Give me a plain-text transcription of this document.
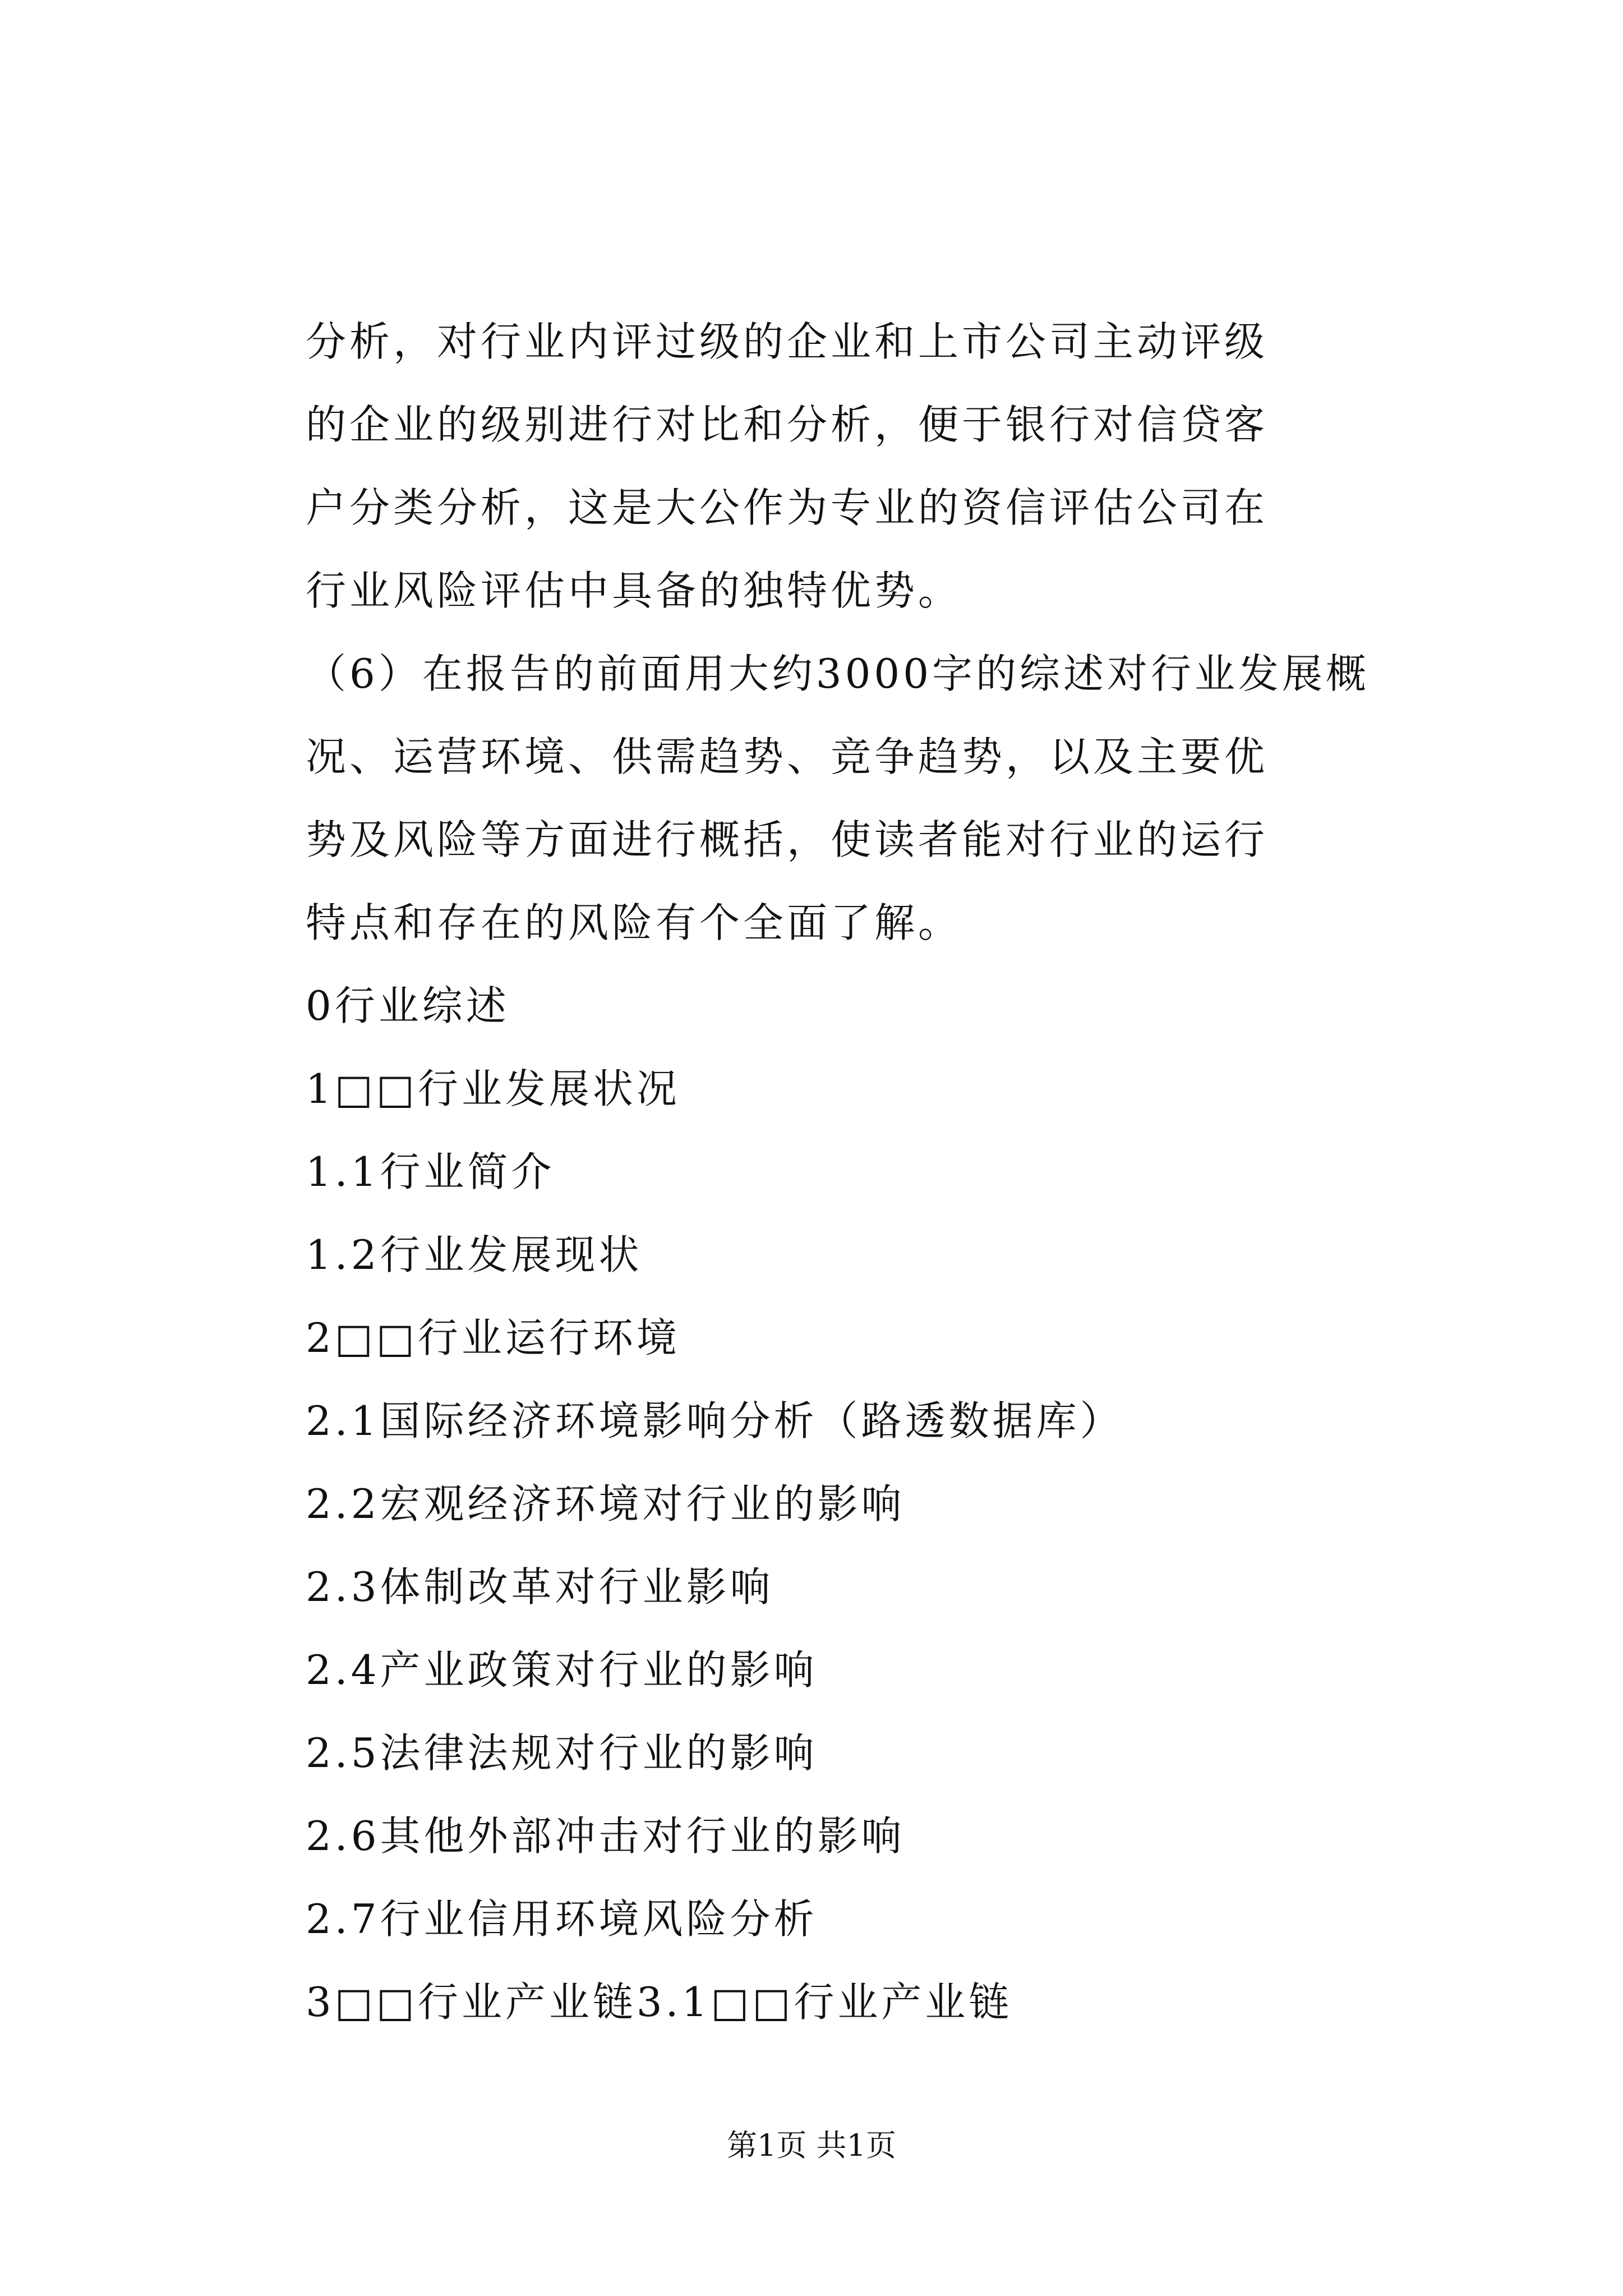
分析，对行业内评过级的企业和上市公司主动评级
的企业的级别进行对比和分析，便于银行对信贷客
户分类分析，这是大公作为专业的资信评估公司在
行业风险评估中具备的独特优势。
（6）在报告的前面用大约3000字的综述对行业发展概
况、运营环境、供需趋势、竞争趋势，以及主要优
势及风险等方面进行概括，使读者能对行业的运行
特点和存在的风险有个全面了解。
0行业综述
1□□行业发展状况
1.1行业简介
1.2行业发展现状
2□□行业运行环境
2.1国际经济环境影响分析（路透数据库）
2.2宏观经济环境对行业的影响
2.3体制改革对行业影响
2.4产业政策对行业的影响
2.5法律法规对行业的影响
2.6其他外部冲击对行业的影响
2.7行业信用环境风险分析
3□□行业产业链3.1□□行业产业链
第1页 共1页
